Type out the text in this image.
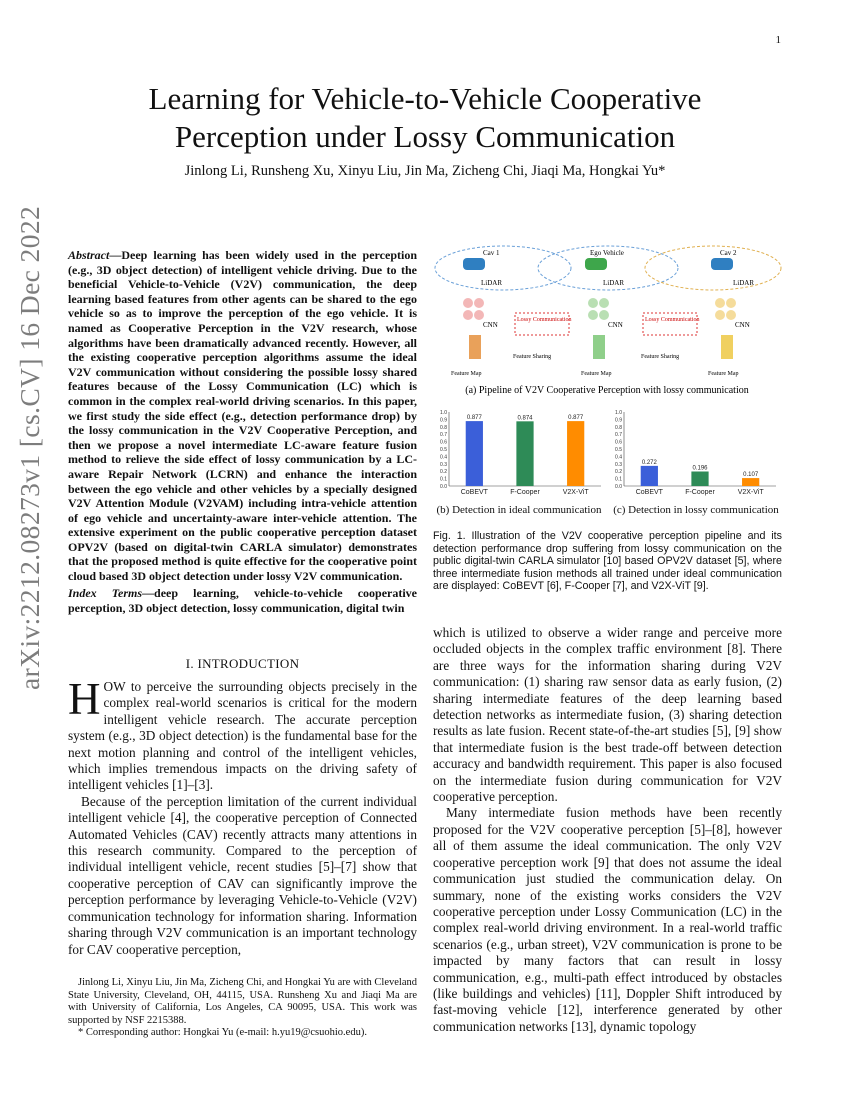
1
arXiv:2212.08273v1 [cs.CV] 16 Dec 2022
Learning for Vehicle-to-Vehicle Cooperative
Perception under Lossy Communication
Jinlong Li, Runsheng Xu, Xinyu Liu, Jin Ma, Zicheng Chi, Jiaqi Ma, Hongkai Yu*
Abstract—Deep learning has been widely used in the perception (e.g., 3D object detection) of intelligent vehicle driving. Due to the beneficial Vehicle-to-Vehicle (V2V) communication, the deep learning based features from other agents can be shared to the ego vehicle so as to improve the perception of the ego vehicle. It is named as Cooperative Perception in the V2V research, whose algorithms have been dramatically advanced recently. However, all the existing cooperative perception algorithms assume the ideal V2V communication without considering the possible lossy shared features because of the Lossy Communication (LC) which is common in the complex real-world driving scenarios. In this paper, we first study the side effect (e.g., detection performance drop) by the lossy communication in the V2V Cooperative Perception, and then we propose a novel intermediate LC-aware feature fusion method to relieve the side effect of lossy communication by a LC-aware Repair Network (LCRN) and enhance the interaction between the ego vehicle and other vehicles by a specially designed V2V Attention Module (V2VAM) including intra-vehicle attention of ego vehicle and uncertainty-aware inter-vehicle attention. The extensive experiment on the public cooperative perception dataset OPV2V (based on digital-twin CARLA simulator) demonstrates that the proposed method is quite effective for the cooperative point cloud based 3D object detection under lossy V2V communication.
Index Terms—deep learning, vehicle-to-vehicle cooperative perception, 3D object detection, lossy communication, digital twin
I. INTRODUCTION

HOW to perceive the surrounding objects precisely in the complex real-world scenarios is critical for the modern intelligent vehicle research. The accurate perception system (e.g., 3D object detection) is the fundamental base for the next motion planning and control of the intelligent vehicles, which implies tremendous impacts on the driving safety of intelligent vehicles [1]–[3].

Because of the perception limitation of the current individual intelligent vehicle [4], the cooperative perception of Connected Automated Vehicles (CAV) recently attracts many attentions in this research community. Compared to the perception of individual intelligent vehicle, recent studies [5]–[7] show that cooperative perception of CAV can significantly improve the perception performance by leveraging Vehicle-to-Vehicle (V2V) communication technology for information sharing. Information sharing through V2V communication is an important technology for CAV cooperative perception,

Jinlong Li, Xinyu Liu, Jin Ma, Zicheng Chi, and Hongkai Yu are with Cleveland State University, Cleveland, OH, 44115, USA. Runsheng Xu and Jiaqi Ma are with University of California, Los Angeles, CA 90095, USA. This work was supported by NSF 2215388.

* Corresponding author: Hongkai Yu (e-mail: h.yu19@csuohio.edu).

Cav 1	Ego Vehicle	Cav 2
LiDAR	LiDAR	LiDAR
CNN	CNN	CNN
Lossy Communication	Lossy Communication
Feature Sharing	Feature Sharing
Feature Map	Feature Map	Feature Map
(a) Pipeline of V2V Cooperative Perception with lossy communication
0.0
0.1
0.2
0.3
0.4
0.5
0.6
0.7
0.8
0.9
1.0
0.877
CoBEVT
0.874
F-Cooper
0.877
V2X-ViT
0.0
0.1
0.2
0.3
0.4
0.5
0.6
0.7
0.8
0.9
1.0
0.272
CoBEVT
0.196
F-Cooper
0.107
V2X-ViT
(b) Detection in ideal communication	(c) Detection in lossy communication
Fig. 1. Illustration of the V2V cooperative perception pipeline and its detection performance drop suffering from lossy communication on the public digital-twin CARLA simulator [10] based OPV2V dataset [5], where three intermediate fusion methods all trained under ideal communication are displayed: CoBEVT [6], F-Cooper [7], and V2X-ViT [9].

which is utilized to observe a wider range and perceive more occluded objects in the complex traffic environment [8]. There are three ways for the information sharing during V2V communication: (1) sharing raw sensor data as early fusion, (2) sharing intermediate features of the deep learning based detection networks as intermediate fusion, (3) sharing detection results as late fusion. Recent state-of-the-art studies [5], [9] show that intermediate fusion is the best trade-off between detection accuracy and bandwidth requirement. This paper is also focused on the intermediate fusion during communication for V2V cooperative perception.

Many intermediate fusion methods have been recently proposed for the V2V cooperative perception [5]–[8], however all of them assume the ideal communication. The only V2V cooperative perception work [9] that does not assume the ideal communication just studied the communication delay. On summary, none of the existing works considers the V2V cooperative perception under Lossy Communication (LC) in the complex real-world driving environment. In a real-world traffic scenarios (e.g., urban street), V2V communication is prone to be impacted by many factors that can result in lossy communication, e.g., multi-path effect introduced by obstacles (like buildings and vehicles) [11], Doppler Shift introduced by fast-moving vehicle [12], interference generated by other communication networks [13], dynamic topology
